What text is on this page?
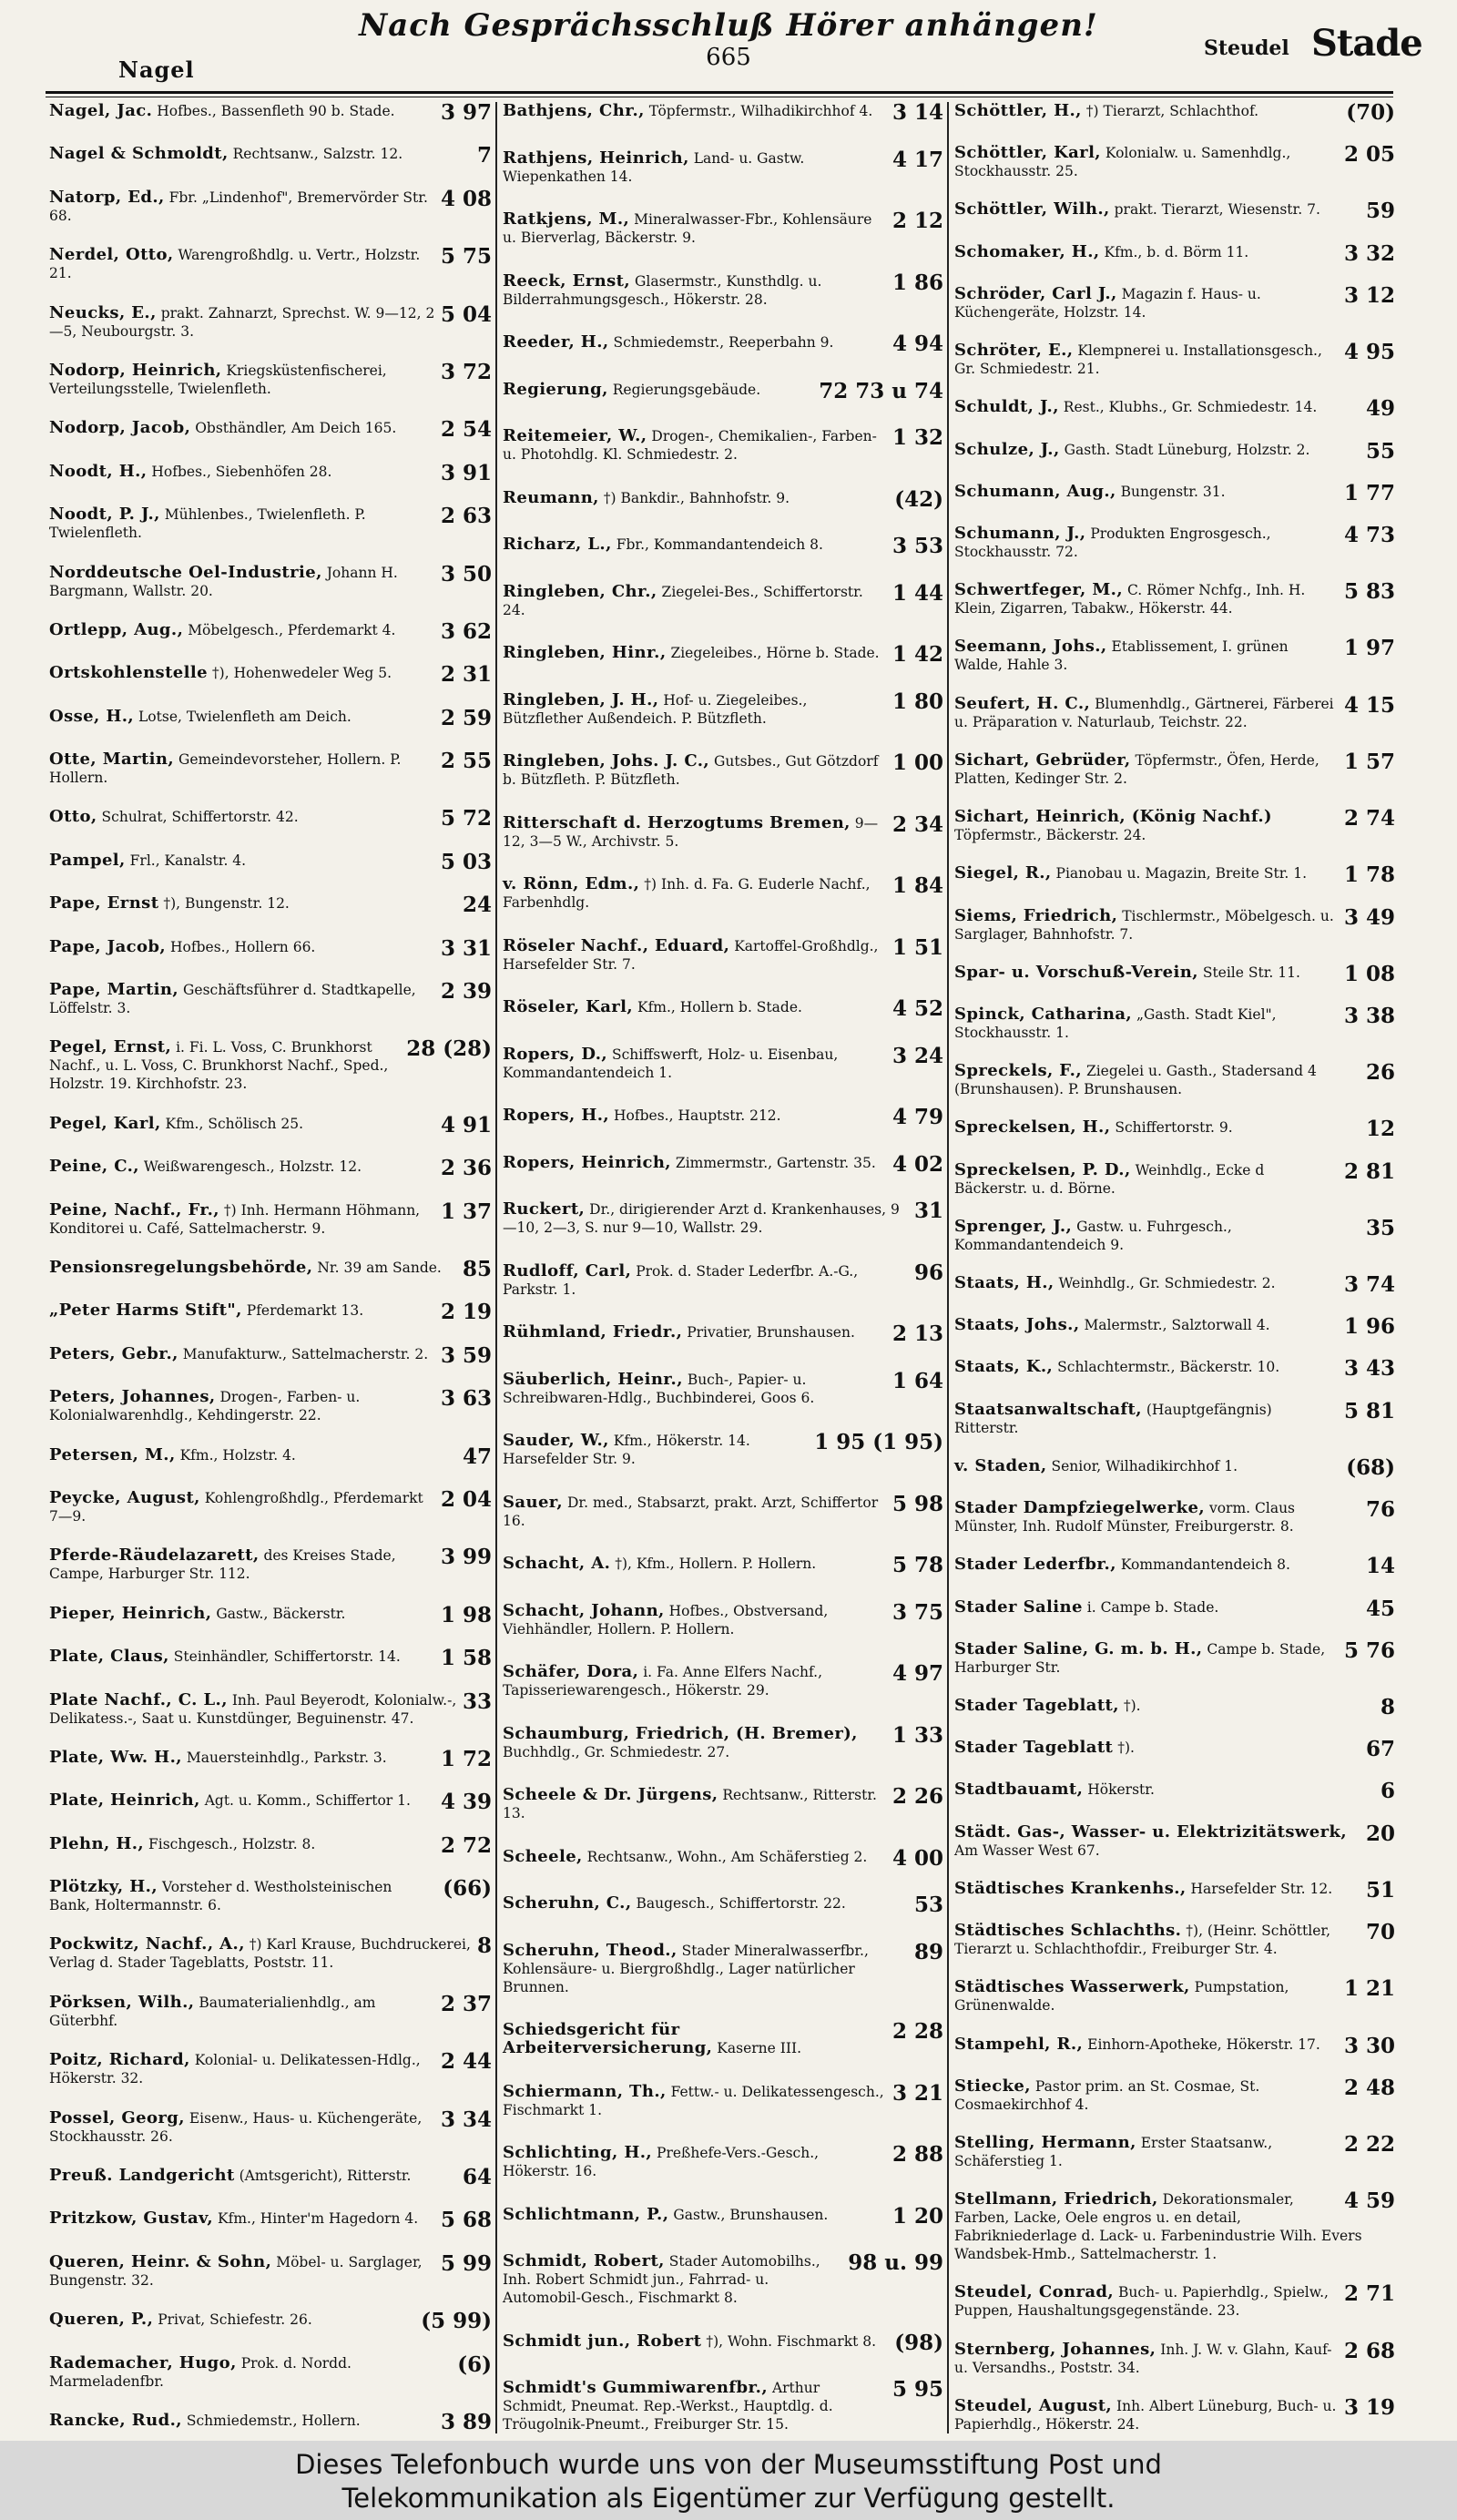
Nach Gesprächsschluß Hörer anhängen!
Nagel	665	Steudel Stade
3 97
Nagel, Jac. Hofbes., Bassenfleth 90 b. Stade.
7
Nagel & Schmoldt, Rechtsanw., Salzstr. 12.
4 08
Natorp, Ed., Fbr. „Lindenhof", Bremervörder Str. 68.
5 75
Nerdel, Otto, Warengroßhdlg. u. Vertr., Holzstr. 21.
5 04
Neucks, E., prakt. Zahnarzt, Sprechst. W. 9—12, 2—5, Neubourgstr. 3.
3 72
Nodorp, Heinrich, Kriegsküstenfischerei, Verteilungsstelle, Twielenfleth.
2 54
Nodorp, Jacob, Obsthändler, Am Deich 165.
3 91
Noodt, H., Hofbes., Siebenhöfen 28.
2 63
Noodt, P. J., Mühlenbes., Twielenfleth. P. Twielenfleth.
3 50
Norddeutsche Oel-Industrie, Johann H. Bargmann, Wallstr. 20.
3 62
Ortlepp, Aug., Möbelgesch., Pferdemarkt 4.
2 31
Ortskohlenstelle †), Hohenwedeler Weg 5.
2 59
Osse, H., Lotse, Twielenfleth am Deich.
2 55
Otte, Martin, Gemeindevorsteher, Hollern. P. Hollern.
5 72
Otto, Schulrat, Schiffertorstr. 42.
5 03
Pampel, Frl., Kanalstr. 4.
24
Pape, Ernst †), Bungenstr. 12.
3 31
Pape, Jacob, Hofbes., Hollern 66.
2 39
Pape, Martin, Geschäftsführer d. Stadtkapelle, Löffelstr. 3.
28 (28)
Pegel, Ernst, i. Fi. L. Voss, C. Brunkhorst Nachf., u. L. Voss, C. Brunkhorst Nachf., Sped., Holzstr. 19. Kirchhofstr. 23.
4 91
Pegel, Karl, Kfm., Schölisch 25.
2 36
Peine, C., Weißwarengesch., Holzstr. 12.
1 37
Peine, Nachf., Fr., †) Inh. Hermann Höhmann, Konditorei u. Café, Sattelmacherstr. 9.
85
Pensionsregelungsbehörde, Nr. 39 am Sande.
2 19
„Peter Harms Stift", Pferdemarkt 13.
3 59
Peters, Gebr., Manufakturw., Sattelmacherstr. 2.
3 63
Peters, Johannes, Drogen-, Farben- u. Kolonialwarenhdlg., Kehdingerstr. 22.
47
Petersen, M., Kfm., Holzstr. 4.
2 04
Peycke, August, Kohlengroßhdlg., Pferdemarkt 7—9.
3 99
Pferde-Räudelazarett, des Kreises Stade, Campe, Harburger Str. 112.
1 98
Pieper, Heinrich, Gastw., Bäckerstr.
1 58
Plate, Claus, Steinhändler, Schiffertorstr. 14.
33
Plate Nachf., C. L., Inh. Paul Beyerodt, Kolonialw.-, Delikatess.-, Saat u. Kunstdünger, Beguinenstr. 47.
1 72
Plate, Ww. H., Mauersteinhdlg., Parkstr. 3.
4 39
Plate, Heinrich, Agt. u. Komm., Schiffertor 1.
2 72
Plehn, H., Fischgesch., Holzstr. 8.
(66)
Plötzky, H., Vorsteher d. Westholsteinischen Bank, Holtermannstr. 6.
8
Pockwitz, Nachf., A., †) Karl Krause, Buchdruckerei, Verlag d. Stader Tageblatts, Poststr. 11.
2 37
Pörksen, Wilh., Baumaterialienhdlg., am Güterbhf.
2 44
Poitz, Richard, Kolonial- u. Delikatessen-Hdlg., Hökerstr. 32.
3 34
Possel, Georg, Eisenw., Haus- u. Küchengeräte, Stockhausstr. 26.
64
Preuß. Landgericht (Amtsgericht), Ritterstr.
5 68
Pritzkow, Gustav, Kfm., Hinter'm Hagedorn 4.
5 99
Queren, Heinr. & Sohn, Möbel- u. Sarglager, Bungenstr. 32.
(5 99)
Queren, P., Privat, Schiefestr. 26.
(6)
Rademacher, Hugo, Prok. d. Nordd. Marmeladenfbr.
3 89
Rancke, Rud., Schmiedemstr., Hollern.
3 14
Bathjens, Chr., Töpfermstr., Wilhadikirchhof 4.
4 17
Rathjens, Heinrich, Land- u. Gastw. Wiepenkathen 14.
2 12
Ratkjens, M., Mineralwasser-Fbr., Kohlensäure u. Bierverlag, Bäckerstr. 9.
1 86
Reeck, Ernst, Glasermstr., Kunsthdlg. u. Bilderrahmungsgesch., Hökerstr. 28.
4 94
Reeder, H., Schmiedemstr., Reeperbahn 9.
72 73 u 74
Regierung, Regierungsgebäude.
1 32
Reitemeier, W., Drogen-, Chemikalien-, Farben- u. Photohdlg. Kl. Schmiedestr. 2.
(42)
Reumann, †) Bankdir., Bahnhofstr. 9.
3 53
Richarz, L., Fbr., Kommandantendeich 8.
1 44
Ringleben, Chr., Ziegelei-Bes., Schiffertorstr. 24.
1 42
Ringleben, Hinr., Ziegeleibes., Hörne b. Stade.
1 80
Ringleben, J. H., Hof- u. Ziegeleibes., Bützflether Außendeich. P. Bützfleth.
1 00
Ringleben, Johs. J. C., Gutsbes., Gut Götzdorf b. Bützfleth. P. Bützfleth.
2 34
Ritterschaft d. Herzogtums Bremen, 9—12, 3—5 W., Archivstr. 5.
1 84
v. Rönn, Edm., †) Inh. d. Fa. G. Euderle Nachf., Farbenhdlg.
1 51
Röseler Nachf., Eduard, Kartoffel-Großhdlg., Harsefelder Str. 7.
4 52
Röseler, Karl, Kfm., Hollern b. Stade.
3 24
Ropers, D., Schiffswerft, Holz- u. Eisenbau, Kommandantendeich 1.
4 79
Ropers, H., Hofbes., Hauptstr. 212.
4 02
Ropers, Heinrich, Zimmermstr., Gartenstr. 35.
31
Ruckert, Dr., dirigierender Arzt d. Krankenhauses, 9—10, 2—3, S. nur 9—10, Wallstr. 29.
96
Rudloff, Carl, Prok. d. Stader Lederfbr. A.-G., Parkstr. 1.
2 13
Rühmland, Friedr., Privatier, Brunshausen.
1 64
Säuberlich, Heinr., Buch-, Papier- u. Schreibwaren-Hdlg., Buchbinderei, Goos 6.
1 95 (1 95)
Sauder, W., Kfm., Hökerstr. 14. Harsefelder Str. 9.
5 98
Sauer, Dr. med., Stabsarzt, prakt. Arzt, Schiffertor 16.
5 78
Schacht, A. †), Kfm., Hollern. P. Hollern.
3 75
Schacht, Johann, Hofbes., Obstversand, Viehhändler, Hollern. P. Hollern.
4 97
Schäfer, Dora, i. Fa. Anne Elfers Nachf., Tapisseriewarengesch., Hökerstr. 29.
1 33
Schaumburg, Friedrich, (H. Bremer), Buchhdlg., Gr. Schmiedestr. 27.
2 26
Scheele & Dr. Jürgens, Rechtsanw., Ritterstr. 13.
4 00
Scheele, Rechtsanw., Wohn., Am Schäferstieg 2.
53
Scheruhn, C., Baugesch., Schiffertorstr. 22.
89
Scheruhn, Theod., Stader Mineralwasserfbr., Kohlensäure- u. Biergroßhdlg., Lager natürlicher Brunnen.
2 28
Schiedsgericht für Arbeiterversicherung, Kaserne III.
3 21
Schiermann, Th., Fettw.- u. Delikatessengesch., Fischmarkt 1.
2 88
Schlichting, H., Preßhefe-Vers.-Gesch., Hökerstr. 16.
1 20
Schlichtmann, P., Gastw., Brunshausen.
98 u. 99
Schmidt, Robert, Stader Automobilhs., Inh. Robert Schmidt jun., Fahrrad- u. Automobil-Gesch., Fischmarkt 8.
(98)
Schmidt jun., Robert †), Wohn. Fischmarkt 8.
5 95
Schmidt's Gummiwarenfbr., Arthur Schmidt, Pneumat. Rep.-Werkst., Hauptdlg. d. Tröugolnik-Pneumt., Freiburger Str. 15.
(70)
Schöttler, H., †) Tierarzt, Schlachthof.
2 05
Schöttler, Karl, Kolonialw. u. Samenhdlg., Stockhausstr. 25.
59
Schöttler, Wilh., prakt. Tierarzt, Wiesenstr. 7.
3 32
Schomaker, H., Kfm., b. d. Börm 11.
3 12
Schröder, Carl J., Magazin f. Haus- u. Küchengeräte, Holzstr. 14.
4 95
Schröter, E., Klempnerei u. Installationsgesch., Gr. Schmiedestr. 21.
49
Schuldt, J., Rest., Klubhs., Gr. Schmiedestr. 14.
55
Schulze, J., Gasth. Stadt Lüneburg, Holzstr. 2.
1 77
Schumann, Aug., Bungenstr. 31.
4 73
Schumann, J., Produkten Engrosgesch., Stockhausstr. 72.
5 83
Schwertfeger, M., C. Römer Nchfg., Inh. H. Klein, Zigarren, Tabakw., Hökerstr. 44.
1 97
Seemann, Johs., Etablissement, I. grünen Walde, Hahle 3.
4 15
Seufert, H. C., Blumenhdlg., Gärtnerei, Färberei u. Präparation v. Naturlaub, Teichstr. 22.
1 57
Sichart, Gebrüder, Töpfermstr., Öfen, Herde, Platten, Kedinger Str. 2.
2 74
Sichart, Heinrich, (König Nachf.) Töpfermstr., Bäckerstr. 24.
1 78
Siegel, R., Pianobau u. Magazin, Breite Str. 1.
3 49
Siems, Friedrich, Tischlermstr., Möbelgesch. u. Sarglager, Bahnhofstr. 7.
1 08
Spar- u. Vorschuß-Verein, Steile Str. 11.
3 38
Spinck, Catharina, „Gasth. Stadt Kiel", Stockhausstr. 1.
26
Spreckels, F., Ziegelei u. Gasth., Stadersand 4 (Brunshausen). P. Brunshausen.
12
Spreckelsen, H., Schiffertorstr. 9.
2 81
Spreckelsen, P. D., Weinhdlg., Ecke d Bäckerstr. u. d. Börne.
35
Sprenger, J., Gastw. u. Fuhrgesch., Kommandantendeich 9.
3 74
Staats, H., Weinhdlg., Gr. Schmiedestr. 2.
1 96
Staats, Johs., Malermstr., Salztorwall 4.
3 43
Staats, K., Schlachtermstr., Bäckerstr. 10.
5 81
Staatsanwaltschaft, (Hauptgefängnis) Ritterstr.
(68)
v. Staden, Senior, Wilhadikirchhof 1.
76
Stader Dampfziegelwerke, vorm. Claus Münster, Inh. Rudolf Münster, Freiburgerstr. 8.
14
Stader Lederfbr., Kommandantendeich 8.
45
Stader Saline i. Campe b. Stade.
5 76
Stader Saline, G. m. b. H., Campe b. Stade, Harburger Str.
8
Stader Tageblatt, †).
67
Stader Tageblatt †).
6
Stadtbauamt, Hökerstr.
20
Städt. Gas-, Wasser- u. Elektrizitätswerk, Am Wasser West 67.
51
Städtisches Krankenhs., Harsefelder Str. 12.
70
Städtisches Schlachths. †), (Heinr. Schöttler, Tierarzt u. Schlachthofdir., Freiburger Str. 4.
1 21
Städtisches Wasserwerk, Pumpstation, Grünenwalde.
3 30
Stampehl, R., Einhorn-Apotheke, Hökerstr. 17.
2 48
Stiecke, Pastor prim. an St. Cosmae, St. Cosmaekirchhof 4.
2 22
Stelling, Hermann, Erster Staatsanw., Schäferstieg 1.
4 59
Stellmann, Friedrich, Dekorationsmaler, Farben, Lacke, Oele engros u. en detail, Fabrikniederlage d. Lack- u. Farbenindustrie Wilh. Evers Wandsbek-Hmb., Sattelmacherstr. 1.
2 71
Steudel, Conrad, Buch- u. Papierhdlg., Spielw., Puppen, Haushaltungsgegenstände. 23.
2 68
Sternberg, Johannes, Inh. J. W. v. Glahn, Kauf- u. Versandhs., Poststr. 34.
3 19
Steudel, August, Inh. Albert Lüneburg, Buch- u. Papierhdlg., Hökerstr. 24.
Dieses Telefonbuch wurde uns von der Museumsstiftung Post und
Telekommunikation als Eigentümer zur Verfügung gestellt.
